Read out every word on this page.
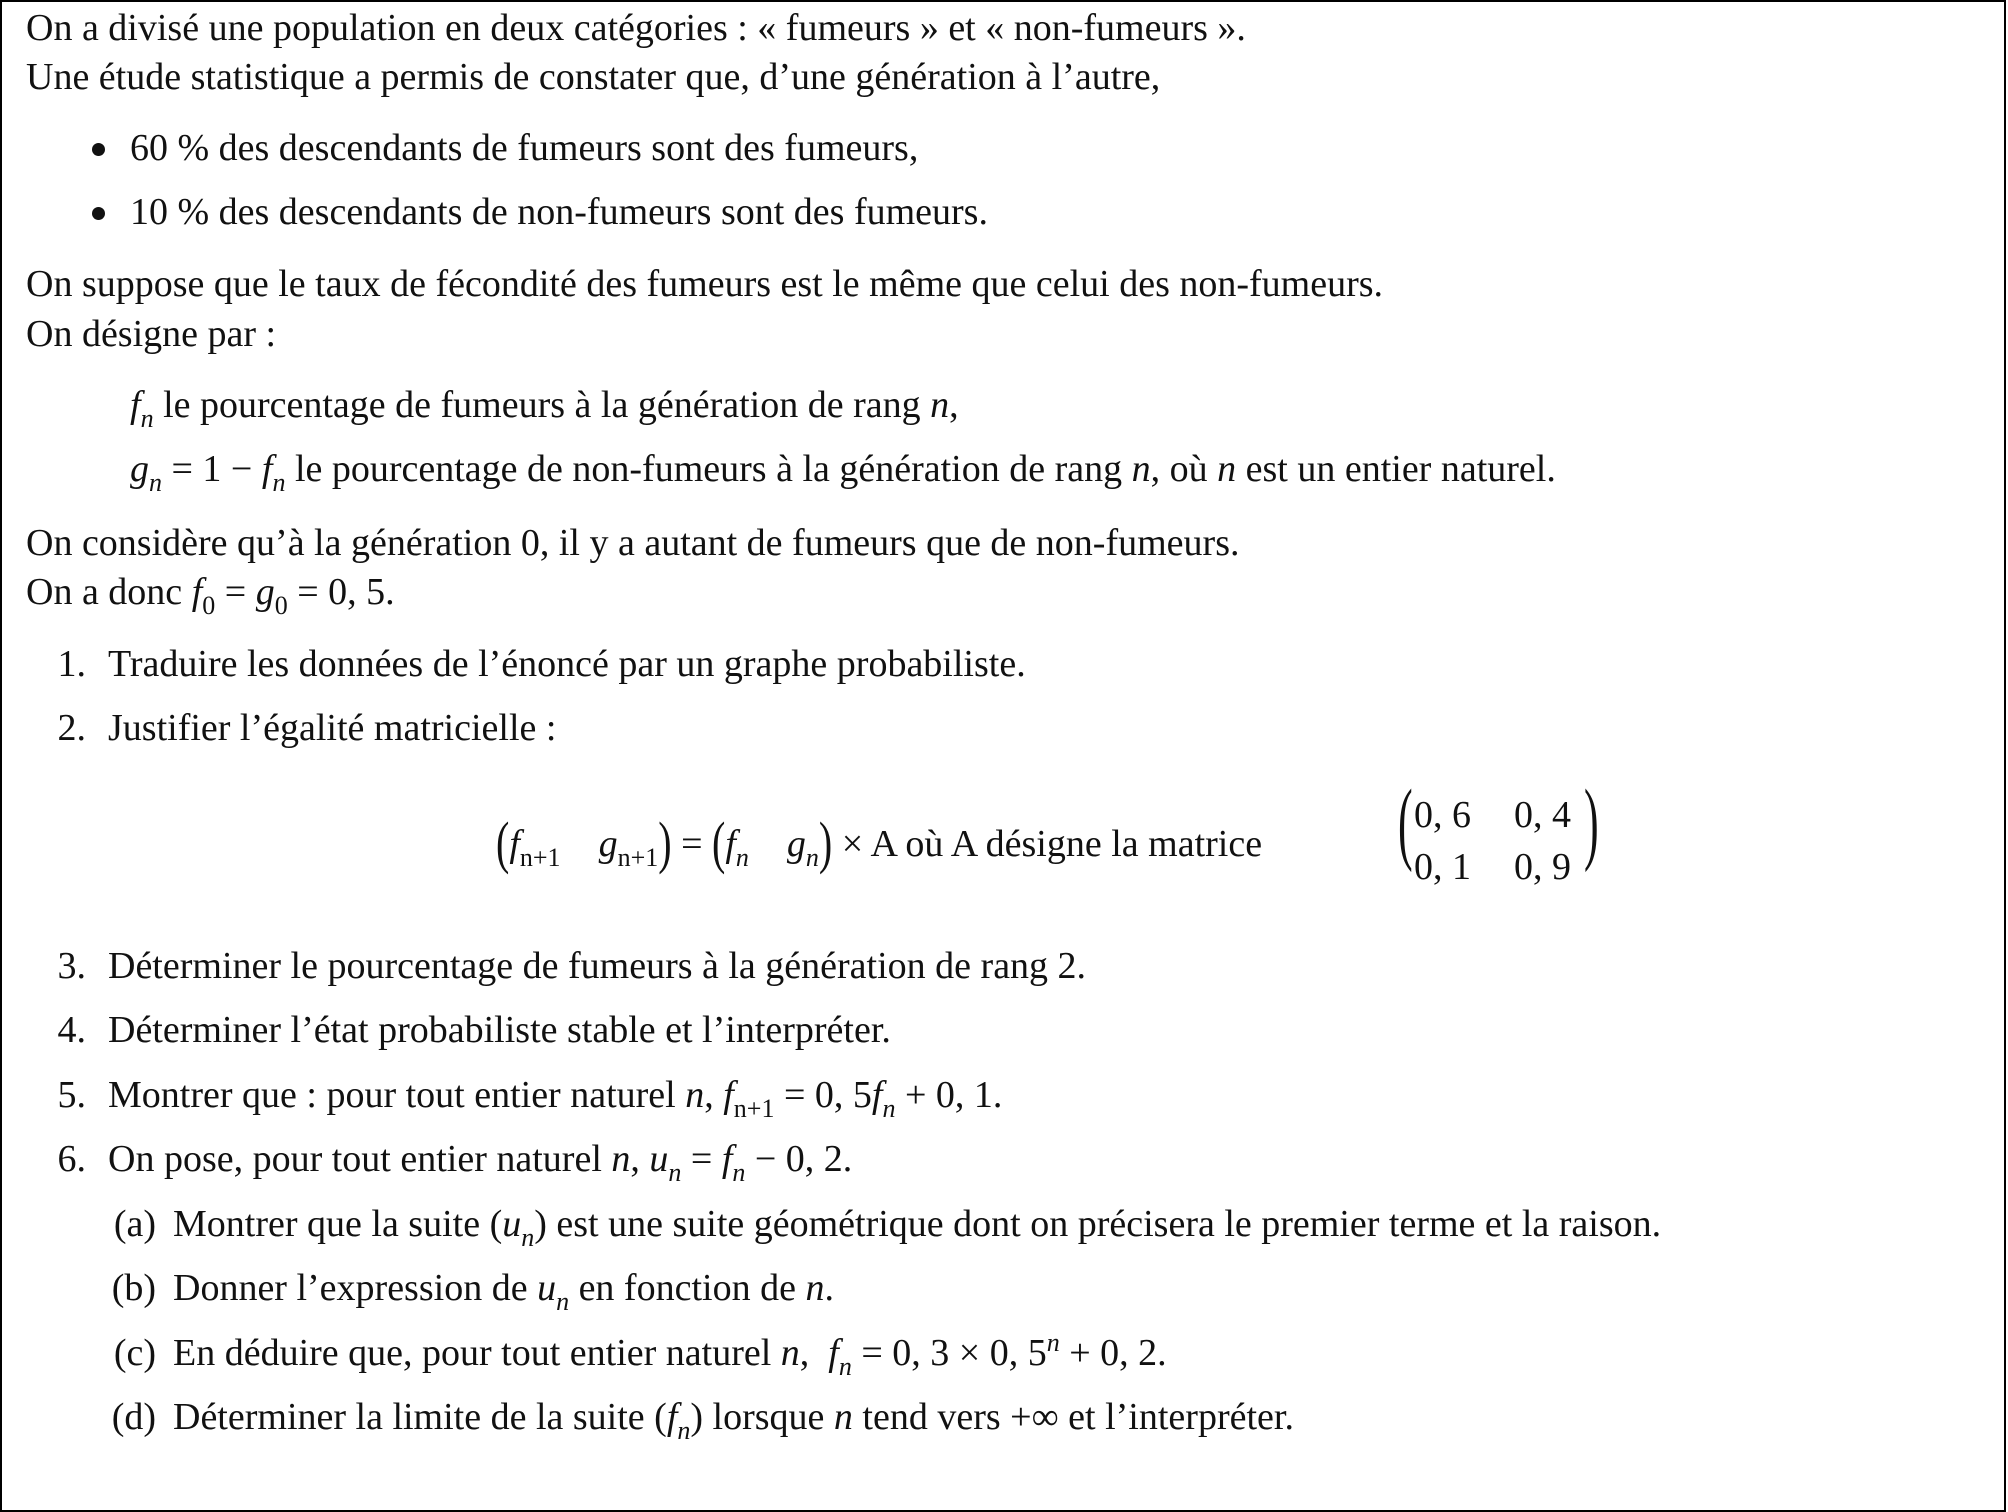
On a divisé une population en deux catégories : « fumeurs » et « non-fumeurs ».
Une étude statistique a permis de constater que, d’une génération à l’autre,
60 % des descendants de fumeurs sont des fumeurs,
10 % des descendants de non-fumeurs sont des fumeurs.
On suppose que le taux de fécondité des fumeurs est le même que celui des non-fumeurs.
On désigne par :
$f_n$ le pourcentage de fumeurs à la génération de rang n,
$g_n = 1 - f_n$ le pourcentage de non-fumeurs à la génération de rang n, où n est un entier naturel.
On considère qu’à la génération 0, il y a autant de fumeurs que de non-fumeurs.
On a donc $f_0 = g_0 = 0$, 5.
1. Traduire les données de l’énoncé par un graphe probabiliste.
2. Justifier l’égalité matricielle :
($f_{n+1}$ $g_{n+1}) = (f_n$ $g_n) \times A$ où A désigne la matrice	( 0, 6 0, 4
0, 1 0, 9 )
3. Déterminer le pourcentage de fumeurs à la génération de rang 2.
4. Déterminer l’état probabiliste stable et l’interpréter.
5. Montrer que : pour tout entier naturel n, $f_{n+1} = 0$, $5f_n + 0$, 1.
6. On pose, pour tout entier naturel n, $u_n = f_n - 0$, 2.
(a) Montrer que la suite $(u_n)$ est une suite géométrique dont on précisera le premier terme et la raison.
(b) Donner l’expression de $u_n$ en fonction de n.
(c) En déduire que, pour tout entier naturel n,  $f_n = 0$, 3 × 0, $5^n + 0$, 2.
(d) Déterminer la limite de la suite $(f_n)$ lorsque n tend vers +∞ et l’interpréter.
